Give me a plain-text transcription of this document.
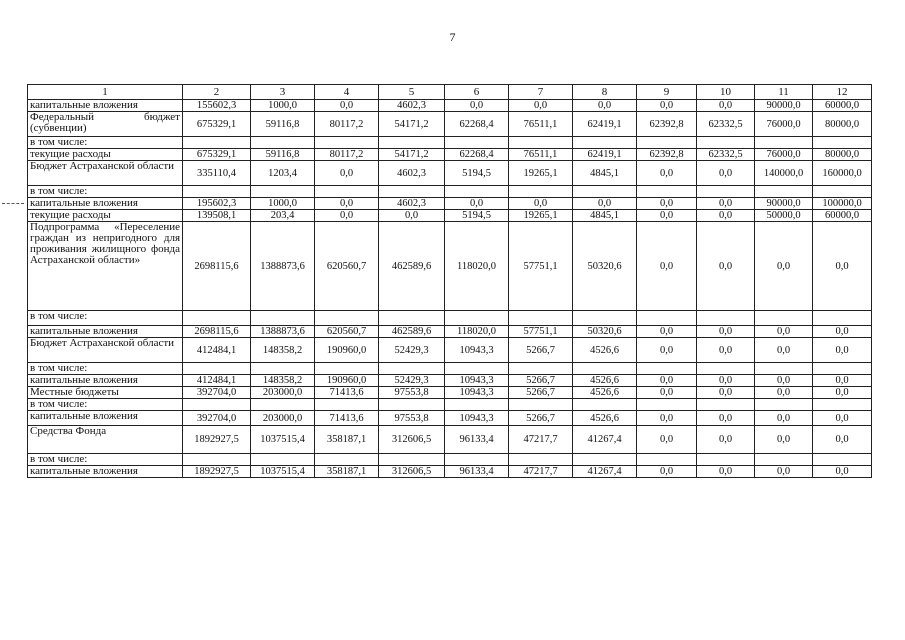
7
1	2	3	4	5	6	7	8	9	10	11	12
капитальные вложения	155602,3	1000,0	0,0	4602,3	0,0	0,0	0,0	0,0	0,0	90000,0	60000,0
Федеральный бюджет (субвенции)	675329,1	59116,8	80117,2	54171,2	62268,4	76511,1	62419,1	62392,8	62332,5	76000,0	80000,0
в том числе:											
текущие расходы	675329,1	59116,8	80117,2	54171,2	62268,4	76511,1	62419,1	62392,8	62332,5	76000,0	80000,0
Бюджет Астраханской области	335110,4	1203,4	0,0	4602,3	5194,5	19265,1	4845,1	0,0	0,0	140000,0	160000,0
в том числе:											
капитальные вложения	195602,3	1000,0	0,0	4602,3	0,0	0,0	0,0	0,0	0,0	90000,0	100000,0
текущие расходы	139508,1	203,4	0,0	0,0	5194,5	19265,1	4845,1	0,0	0,0	50000,0	60000,0
Подпрограмма «Переселение граждан из непригодного для проживания жилищного фонда Астраханской области»	2698115,6	1388873,6	620560,7	462589,6	118020,0	57751,1	50320,6	0,0	0,0	0,0	0,0
в том числе:											
капитальные вложения	2698115,6	1388873,6	620560,7	462589,6	118020,0	57751,1	50320,6	0,0	0,0	0,0	0,0
Бюджет Астраханской области	412484,1	148358,2	190960,0	52429,3	10943,3	5266,7	4526,6	0,0	0,0	0,0	0,0
в том числе:											
капитальные вложения	412484,1	148358,2	190960,0	52429,3	10943,3	5266,7	4526,6	0,0	0,0	0,0	0,0
Местные бюджеты	392704,0	203000,0	71413,6	97553,8	10943,3	5266,7	4526,6	0,0	0,0	0,0	0,0
в том числе:											
капитальные вложения	392704,0	203000,0	71413,6	97553,8	10943,3	5266,7	4526,6	0,0	0,0	0,0	0,0
Средства Фонда	1892927,5	1037515,4	358187,1	312606,5	96133,4	47217,7	41267,4	0,0	0,0	0,0	0,0
в том числе:											
капитальные вложения	1892927,5	1037515,4	358187,1	312606,5	96133,4	47217,7	41267,4	0,0	0,0	0,0	0,0
